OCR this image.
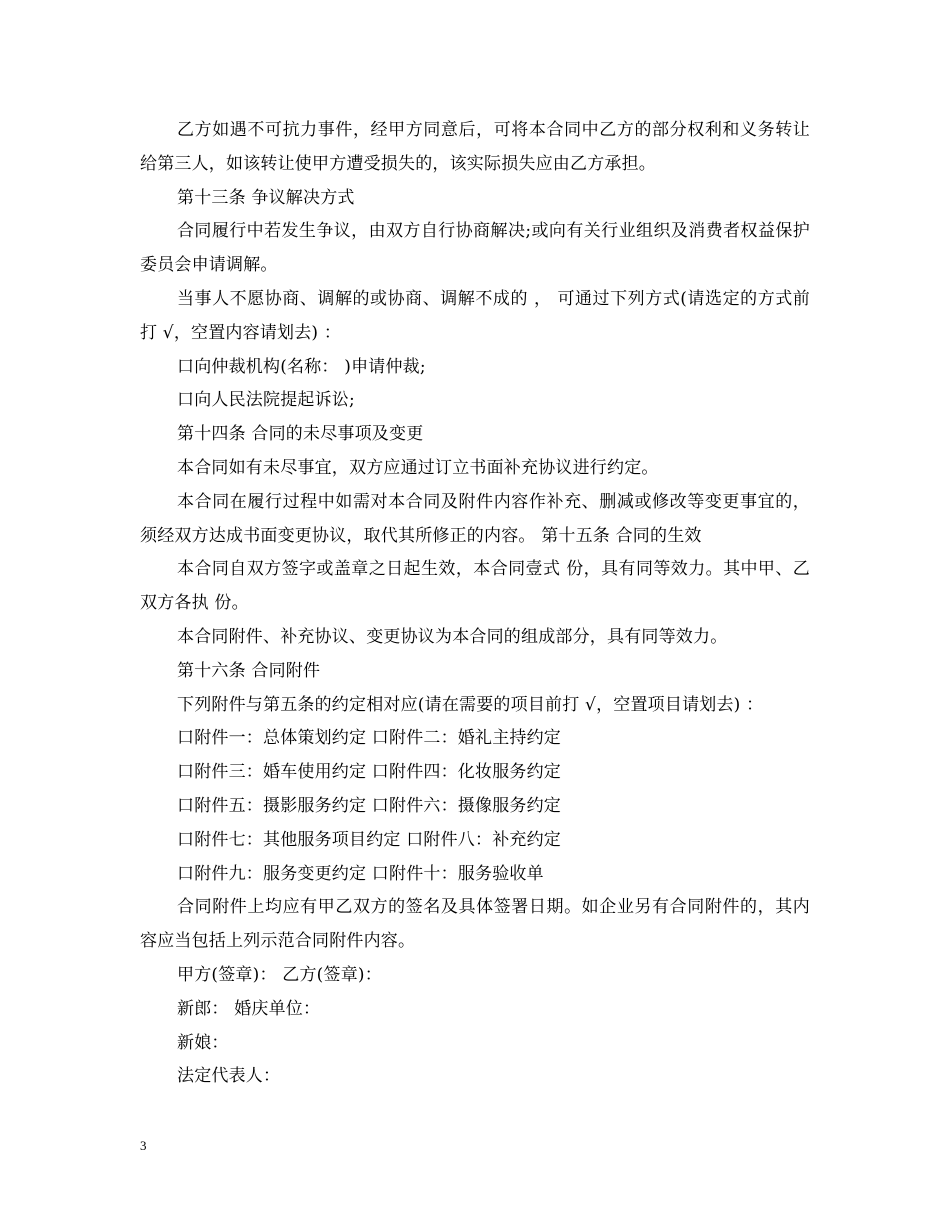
乙方如遇不可抗力事件，经甲方同意后，可将本合同中乙方的部分权利和义务转让给第三人，如该转让使甲方遭受损失的，该实际损失应由乙方承担。

第十三条 争议解决方式

合同履行中若发生争议，由双方自行协商解决;或向有关行业组织及消费者权益保护委员会申请调解。

当事人不愿协商、调解的或协商、调解不成的 ， 可通过下列方式(请选定的方式前打 √，空置内容请划去) ：

口向仲裁机构(名称： )申请仲裁;

口向人民法院提起诉讼;

第十四条 合同的未尽事项及变更

本合同如有未尽事宜，双方应通过订立书面补充协议进行约定。

本合同在履行过程中如需对本合同及附件内容作补充、删减或修改等变更事宜的，须经双方达成书面变更协议，取代其所修正的内容。 第十五条 合同的生效

本合同自双方签字或盖章之日起生效，本合同壹式 份，具有同等效力。其中甲、乙双方各执 份。

本合同附件、补充协议、变更协议为本合同的组成部分，具有同等效力。

第十六条 合同附件

下列附件与第五条的约定相对应(请在需要的项目前打 √，空置项目请划去) ：

口附件一：总体策划约定 口附件二：婚礼主持约定

口附件三：婚车使用约定 口附件四：化妆服务约定

口附件五：摄影服务约定 口附件六：摄像服务约定

口附件七：其他服务项目约定 口附件八：补充约定

口附件九：服务变更约定 口附件十：服务验收单

合同附件上均应有甲乙双方的签名及具体签署日期。如企业另有合同附件的，其内容应当包括上列示范合同附件内容。

甲方(签章)： 乙方(签章)：

新郎： 婚庆单位：

新娘：

法定代表人：

3
